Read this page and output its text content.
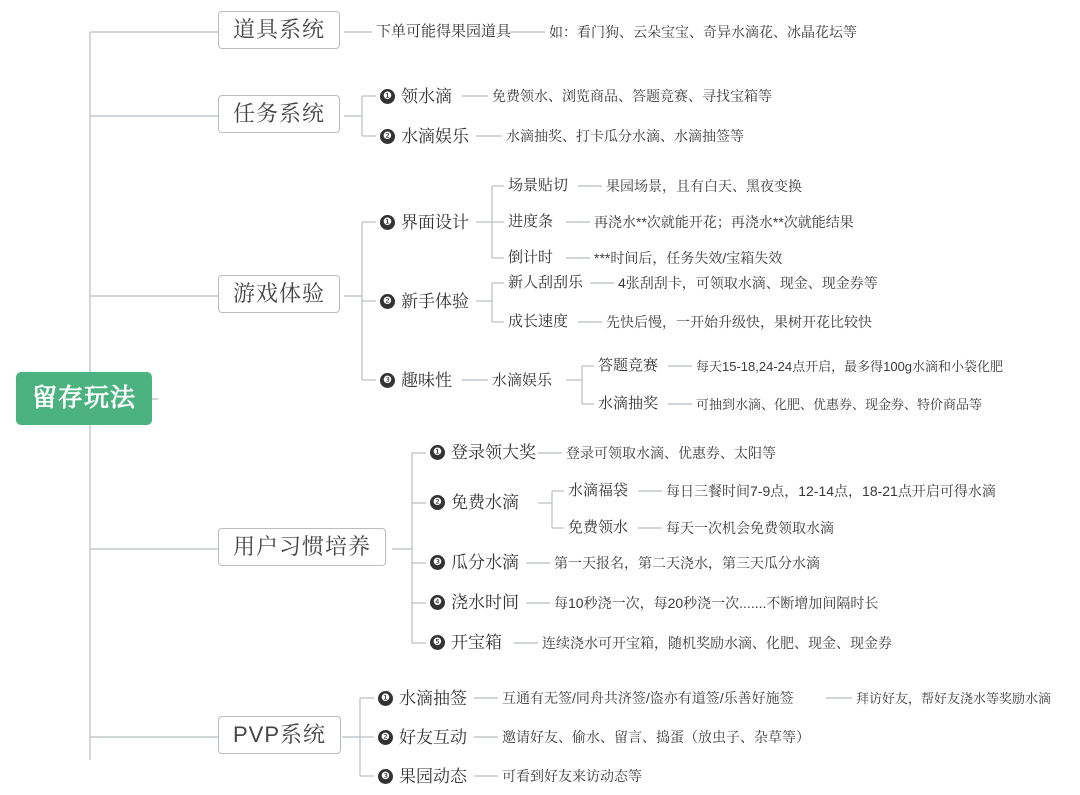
留存玩法
道具系统	下单可能得果园道具	如：看门狗、云朵宝宝、奇异水滴花、冰晶花坛等
任务系统
❶ 领水滴	免费领水、浏览商品、答题竞赛、寻找宝箱等
❷ 水滴娱乐	水滴抽奖、打卡瓜分水滴、水滴抽签等
游戏体验
❶ 界面设计
场景贴切	果园场景，且有白天、黑夜变换
进度条	再浇水**次就能开花；再浇水**次就能结果
倒计时	***时间后，任务失效/宝箱失效
❷ 新手体验
新人刮刮乐 4张刮刮卡，可领取水滴、现金、现金券等
成长速度	先快后慢，一开始升级快，果树开花比较快
❸ 趣味性	水滴娱乐
答题竞赛	每天15-18,24-24点开启，最多得100g水滴和小袋化肥
水滴抽奖	可抽到水滴、化肥、优惠券、现金券、特价商品等
用户习惯培养
❶ 登录领大奖 登录可领取水滴、优惠券、太阳等
❷ 免费水滴
水滴福袋	每日三餐时间7-9点，12-14点，18-21点开启可得水滴
免费领水	每天一次机会免费领取水滴
❸ 瓜分水滴	第一天报名，第二天浇水，第三天瓜分水滴
❹ 浇水时间	每10秒浇一次，每20秒浇一次.......不断增加间隔时长
❺ 开宝箱	连续浇水可开宝箱，随机奖励水滴、化肥、现金、现金券
PVP系统
❶ 水滴抽签	互通有无签/同舟共济签/盗亦有道签/乐善好施签	拜访好友，帮好友浇水等奖励水滴
❷ 好友互动	邀请好友、偷水、留言、捣蛋（放虫子、杂草等）
❸ 果园动态	可看到好友来访动态等
